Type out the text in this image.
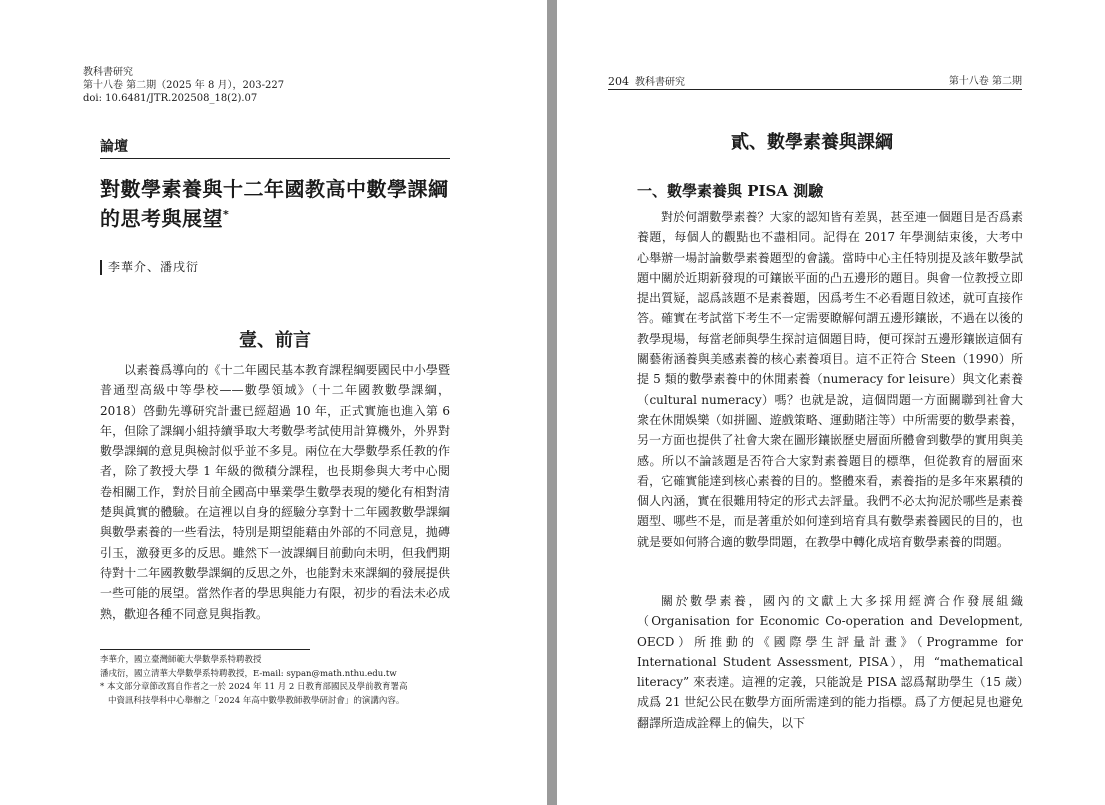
教科書研究
第十八卷 第二期（2025 年 8 月），203-227
doi: 10.6481/JTR.202508_18(2).07
論壇
對數學素養與十二年國教高中數學課綱的思考與展望*
李華介、潘戌衍
壹、前言

以素養爲導向的《十二年國民基本教育課程綱要國民中小學暨普通型高級中等學校——數學領域》（十二年國教數學課綱，2018）啓動先導研究計畫已經超過 10 年，正式實施也進入第 6 年，但除了課綱小組持續爭取大考數學考試使用計算機外，外界對數學課綱的意見與檢討似乎並不多見。兩位在大學數學系任教的作者，除了教授大學 1 年級的微積分課程，也長期參與大考中心閱卷相關工作，對於目前全國高中畢業學生數學表現的變化有相對清楚與眞實的體驗。在這裡以自身的經驗分享對十二年國教數學課綱與數學素養的一些看法，特別是期望能藉由外部的不同意見，拋磚引玉，激發更多的反思。雖然下一波課綱目前動向未明，但我們期待對十二年國教數學課綱的反思之外，也能對未來課綱的發展提供一些可能的展望。當然作者的學思與能力有限，初步的看法未必成熟，歡迎各種不同意見與指教。

李華介，國立臺灣師範大學數學系特聘教授
潘戌衍，國立清華大學數學系特聘教授，E-mail: sypan@math.nthu.edu.tw
* 本文部分章節改寫自作者之一於 2024 年 11 月 2 日教育部國民及學前教育署高
中資訊科技學科中心舉辦之「2024 年高中數學教師教學研討會」的演講內容。
204 教科書研究	第十八卷 第二期
貳、數學素養與課綱
一、數學素養與 PISA 測驗

對於何謂數學素養？大家的認知皆有差異，甚至連一個題目是否爲素養題，每個人的觀點也不盡相同。記得在 2017 年學測結束後，大考中心舉辦一場討論數學素養題型的會議。當時中心主任特別提及該年數學試題中關於近期新發現的可鑲嵌平面的凸五邊形的題目。與會一位教授立即提出質疑，認爲該題不是素養題，因爲考生不必看題目敘述，就可直接作答。確實在考試當下考生不一定需要瞭解何謂五邊形鑲嵌，不過在以後的教學現場，每當老師與學生探討這個題目時，便可探討五邊形鑲嵌這個有關藝術涵養與美感素養的核心素養項目。這不正符合 Steen（1990）所提 5 類的數學素養中的休閒素養（numeracy for leisure）與文化素養（cultural numeracy）嗎？也就是說，這個問題一方面關聯到社會大衆在休閒娛樂（如拼圖、遊戲策略、運動賭注等）中所需要的數學素養，另一方面也提供了社會大衆在圖形鑲嵌歷史層面所體會到數學的實用與美感。所以不論該題是否符合大家對素養題目的標準，但從教育的層面來看，它確實能達到核心素養的目的。整體來看，素養指的是多年來累積的個人內涵，實在很難用特定的形式去評量。我們不必太拘泥於哪些是素養題型、哪些不是，而是著重於如何達到培育具有數學素養國民的目的，也就是要如何將合適的數學問題，在教學中轉化成培育數學素養的問題。

關於數學素養，國內的文獻上大多採用經濟合作發展組織（Organisation for Economic Co-operation and Development, OECD）所推動的《國際學生評量計畫》（Programme for International Student Assessment, PISA），用 “mathematical literacy” 來表達。這裡的定義，只能說是 PISA 認爲幫助學生（15 歲）成爲 21 世紀公民在數學方面所需達到的能力指標。爲了方便起見也避免翻譯所造成詮釋上的偏失，以下
